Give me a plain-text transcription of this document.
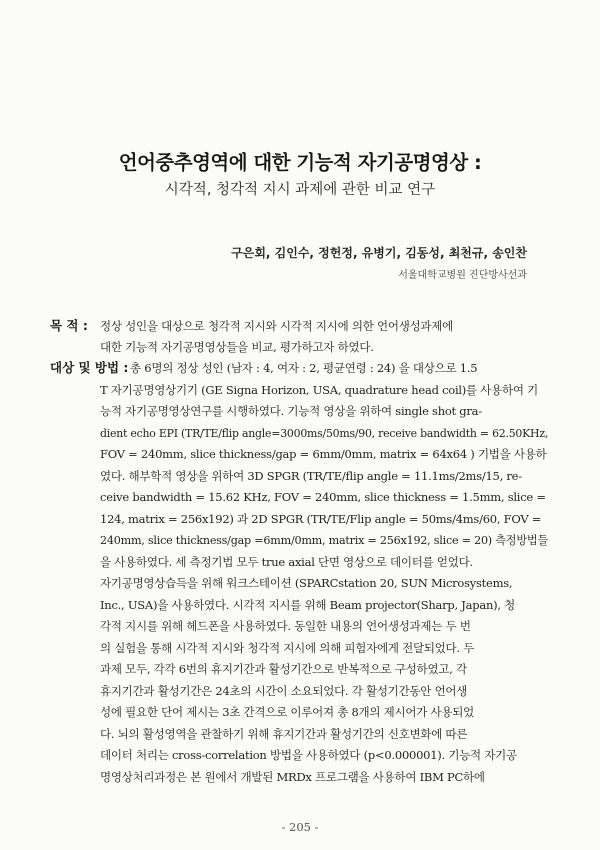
언어중추영역에 대한 기능적 자기공명영상 :
시각적, 청각적 지시 과제에 관한 비교 연구
구은회, 김인수, 정헌정, 유병기, 김동성, 최천규, 송인찬
서울대학교병원 진단방사선과
목 적 : 정상 성인을 대상으로 청각적 지시와 시각적 지시에 의한 언어생성과제에
대한 기능적 자기공명영상들을 비교, 평가하고자 하였다.
대상 및 방법 : 총 6명의 정상 성인 (남자 : 4, 여자 : 2, 평균연령 : 24) 을 대상으로 1.5
T 자기공명영상기기 (GE Signa Horizon, USA, quadrature head coil)를 사용하여 기
능적 자기공명영상연구를 시행하였다. 기능적 영상을 위하여 single shot gra-
dient echo EPI (TR/TE/flip angle=3000ms/50ms/90, receive bandwidth = 62.50KHz,
FOV = 240mm, slice thickness/gap = 6mm/0mm, matrix = 64x64 ) 기법을 사용하
였다. 해부학적 영상을 위하여 3D SPGR (TR/TE/flip angle = 11.1ms/2ms/15, re-
ceive bandwidth = 15.62 KHz, FOV = 240mm, slice thickness = 1.5mm, slice =
124, matrix = 256x192) 과 2D SPGR (TR/TE/Flip angle = 50ms/4ms/60, FOV =
240mm, slice thickness/gap =6mm/0mm, matrix = 256x192, slice = 20) 측정방법들
을 사용하였다. 세 측정기법 모두 true axial 단면 영상으로 데이터를 얻었다.
자기공명영상습득을 위해 워크스테이션 (SPARCstation 20, SUN Microsystems,
Inc., USA)을 사용하였다. 시각적 지시를 위해 Beam projector(Sharp, Japan), 청
각적 지시를 위해 헤드폰을 사용하였다. 동일한 내용의 언어생성과제는 두 번
의 실험을 통해 시각적 지시와 청각적 지시에 의해 피험자에게 전달되었다. 두
과제 모두, 각각 6번의 휴지기간과 활성기간으로 반복적으로 구성하였고, 각
휴지기간과 활성기간은 24초의 시간이 소요되었다. 각 활성기간동안 언어생
성에 필요한 단어 제시는 3초 간격으로 이루어져 총 8개의 제시어가 사용되었
다. 뇌의 활성영역을 관찰하기 위해 휴지기간과 활성기간의 신호변화에 따른
데이터 처리는 cross-correlation 방법을 사용하였다 (p<0.000001). 기능적 자기공
명영상처리과정은 본 원에서 개발된 MRDx 프로그램을 사용하여 IBM PC하에
- 205 -
